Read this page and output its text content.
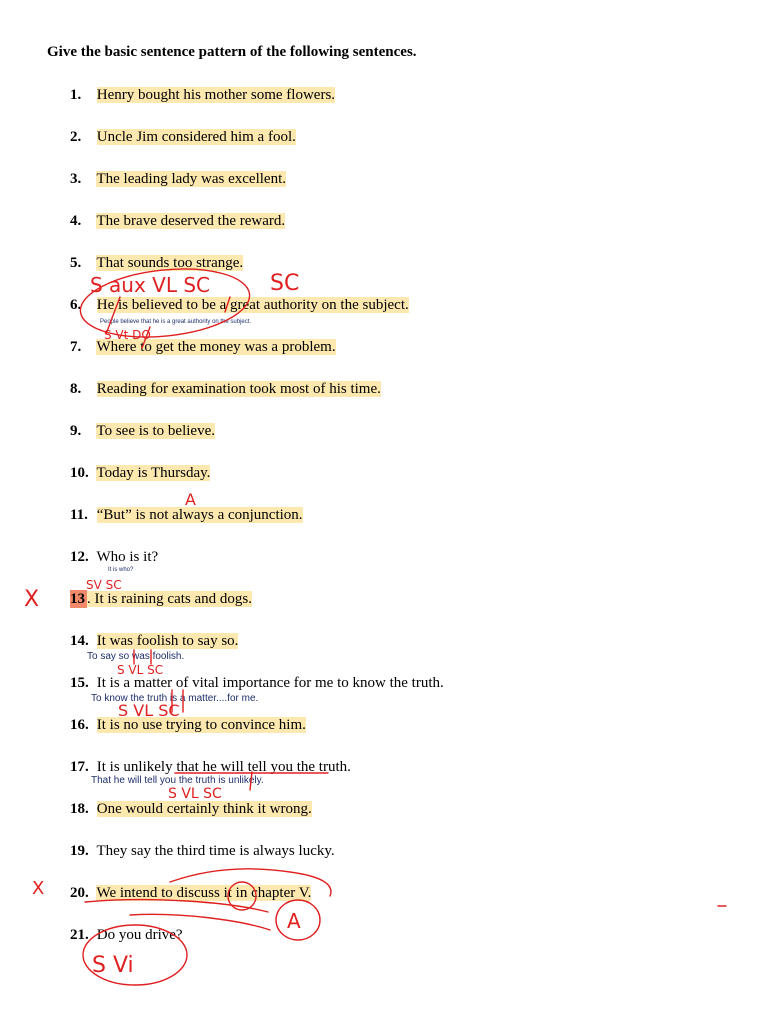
Give the basic sentence pattern of the following sentences.
1. Henry bought his mother some flowers.
2. Uncle Jim considered him a fool.
3. The leading lady was excellent.
4. The brave deserved the reward.
5. That sounds too strange.
6. He is believed to be a great authority on the subject.
People believe that he is a great authority on the subject.
7. Where to get the money was a problem.
8. Reading for examination took most of his time.
9. To see is to believe.
10. Today is Thursday.
11. “But” is not always a conjunction.
12. Who is it?
It is who?
13 . It is raining cats and dogs.
14. It was foolish to say so.
To say so was foolish.
15. It is a matter of vital importance for me to know the truth.
To know the truth is a matter....for me.
16. It is no use trying to convince him.
17. It is unlikely that he will tell you the truth.
That he will tell you the truth is unlikely.
18. One would certainly think it wrong.
19. They say the third time is always lucky.
20. We intend to discuss it in chapter V.
21. Do you drive?
S aux VL SC	SC
S Vt DO
A
SV SC
X
S VL SC
S VL SC
S VL SC
X
A
S Vi
